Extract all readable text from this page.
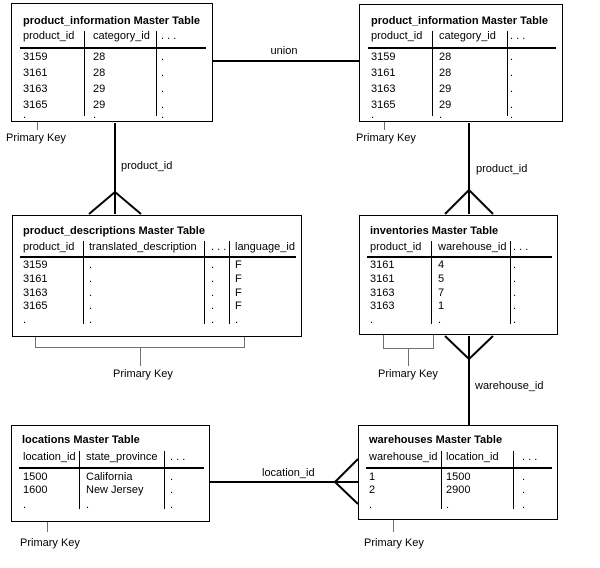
product_information Master Table
product_id category_id . . .
3159	28	.
3161	28	.
3163	29	.
3165	29	.
.	.	.
product_information Master Table
product_id category_id . . .
3159	28	.
3161	28	.
3163	29	.
3165	29	.
.	.	.
product_descriptions Master Table
product_id translated_description . . . language_id
3159	.	. F
3161	.	. F
3163	.	. F
3165	.	. F
.	.	. .
inventories Master Table
product_id warehouse_id . . .
3161	4	.
3161	5	.
3163	7	.
3163	1	.
.	.	.
locations Master Table
location_id state_province . . .
1500	California	.
1600	New Jersey .
.	.	.
warehouses Master Table
warehouse_id location_id . . .
1	1500	.
2	2900	.
.	.	.
union
product_id	product_id
warehouse_id
location_id
Primary Key	Primary Key
Primary Key	Primary Key
Primary Key	Primary Key
